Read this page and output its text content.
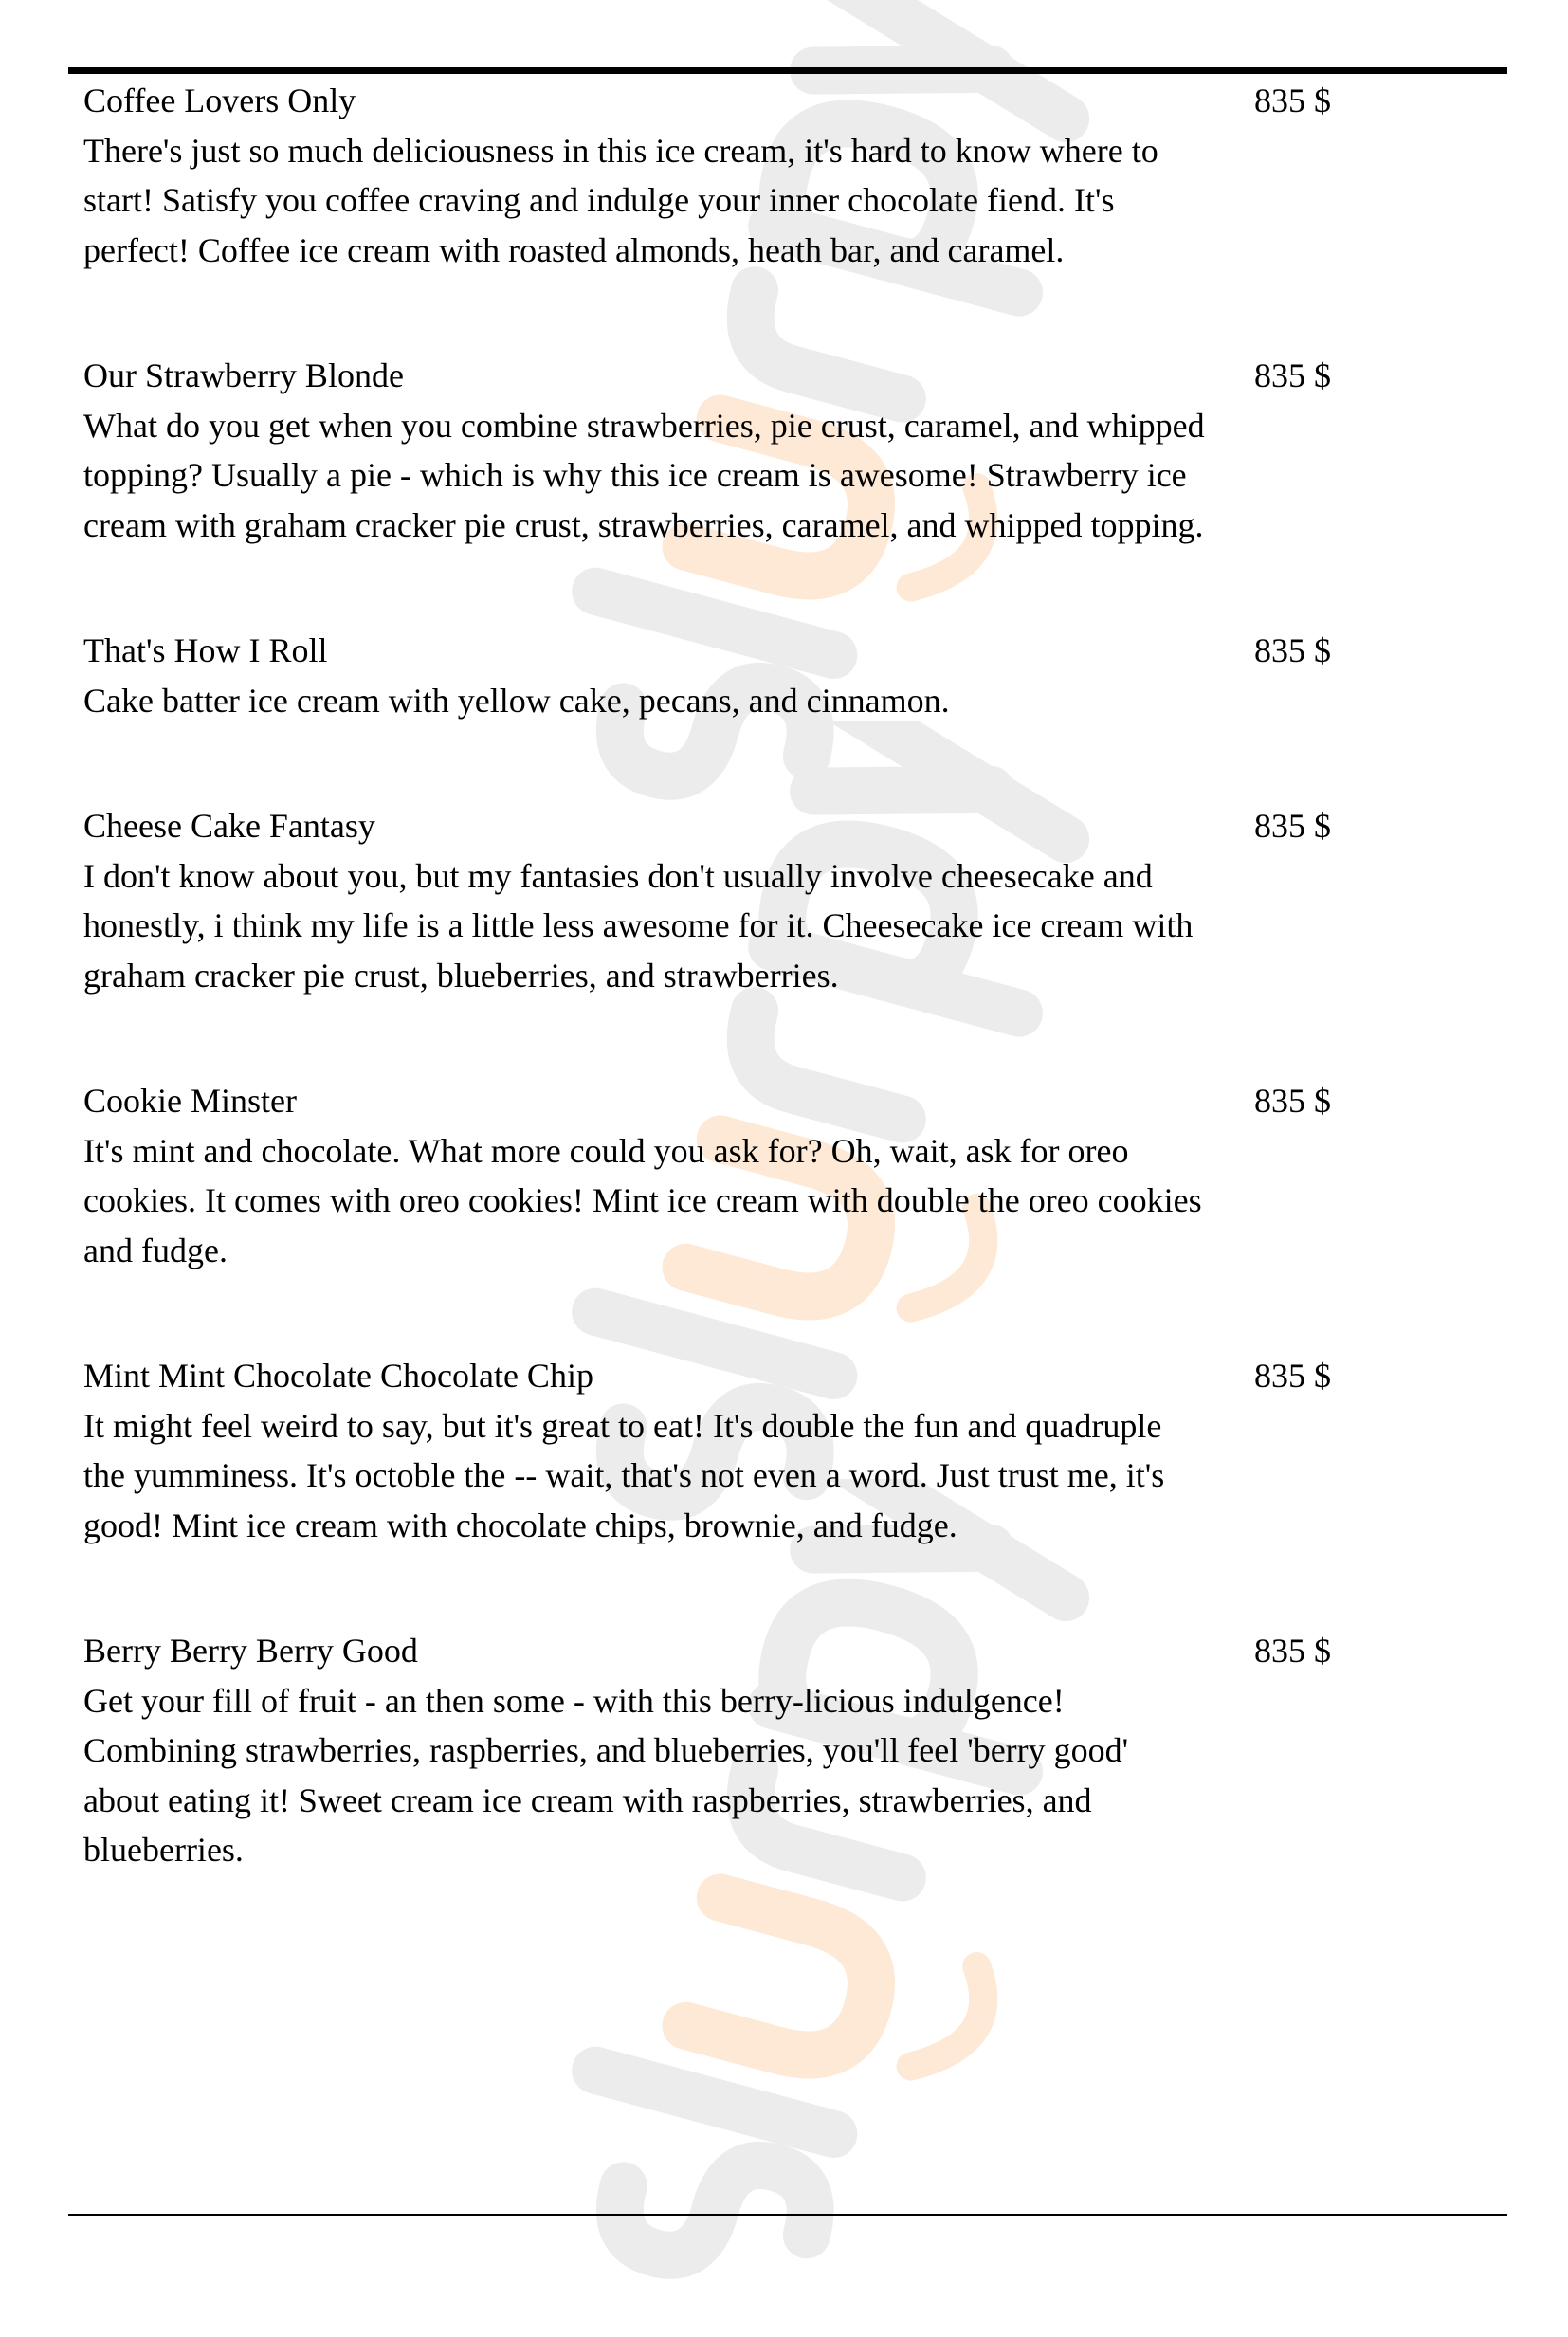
Coffee Lovers Only
There's just so much deliciousness in this ice cream, it's hard to know where to start! Satisfy you coffee craving and indulge your inner chocolate fiend. It's perfect! Coffee ice cream with roasted almonds, heath bar, and caramel.
835 $
Our Strawberry Blonde
What do you get when you combine strawberries, pie crust, caramel, and whipped topping? Usually a pie - which is why this ice cream is awesome! Strawberry ice cream with graham cracker pie crust, strawberries, caramel, and whipped topping.
835 $
That's How I Roll
Cake batter ice cream with yellow cake, pecans, and cinnamon.
835 $
Cheese Cake Fantasy
I don't know about you, but my fantasies don't usually involve cheesecake and honestly, i think my life is a little less awesome for it. Cheesecake ice cream with graham cracker pie crust, blueberries, and strawberries.
835 $
Cookie Minster
It's mint and chocolate. What more could you ask for? Oh, wait, ask for oreo cookies. It comes with oreo cookies! Mint ice cream with double the oreo cookies and fudge.
835 $
Mint Mint Chocolate Chocolate Chip
It might feel weird to say, but it's great to eat! It's double the fun and quadruple the yumminess. It's octoble the -- wait, that's not even a word. Just trust me, it's good! Mint ice cream with chocolate chips, brownie, and fudge.
835 $
Berry Berry Berry Good
Get your fill of fruit - an then some - with this berry-licious indulgence! Combining strawberries, raspberries, and blueberries, you'll feel 'berry good' about eating it! Sweet cream ice cream with raspberries, strawberries, and blueberries.
835 $
